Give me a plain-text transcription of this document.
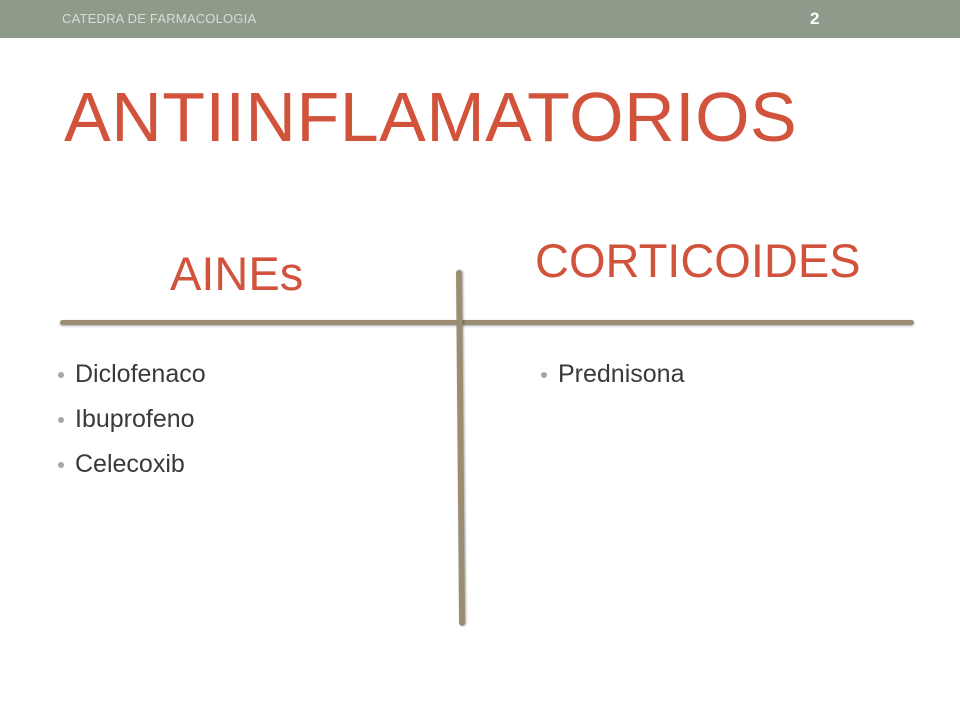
CATEDRA DE FARMACOLOGIA	2
ANTIINFLAMATORIOS
AINEs	CORTICOIDES
Diclofenaco
Ibuprofeno
Celecoxib
Prednisona
